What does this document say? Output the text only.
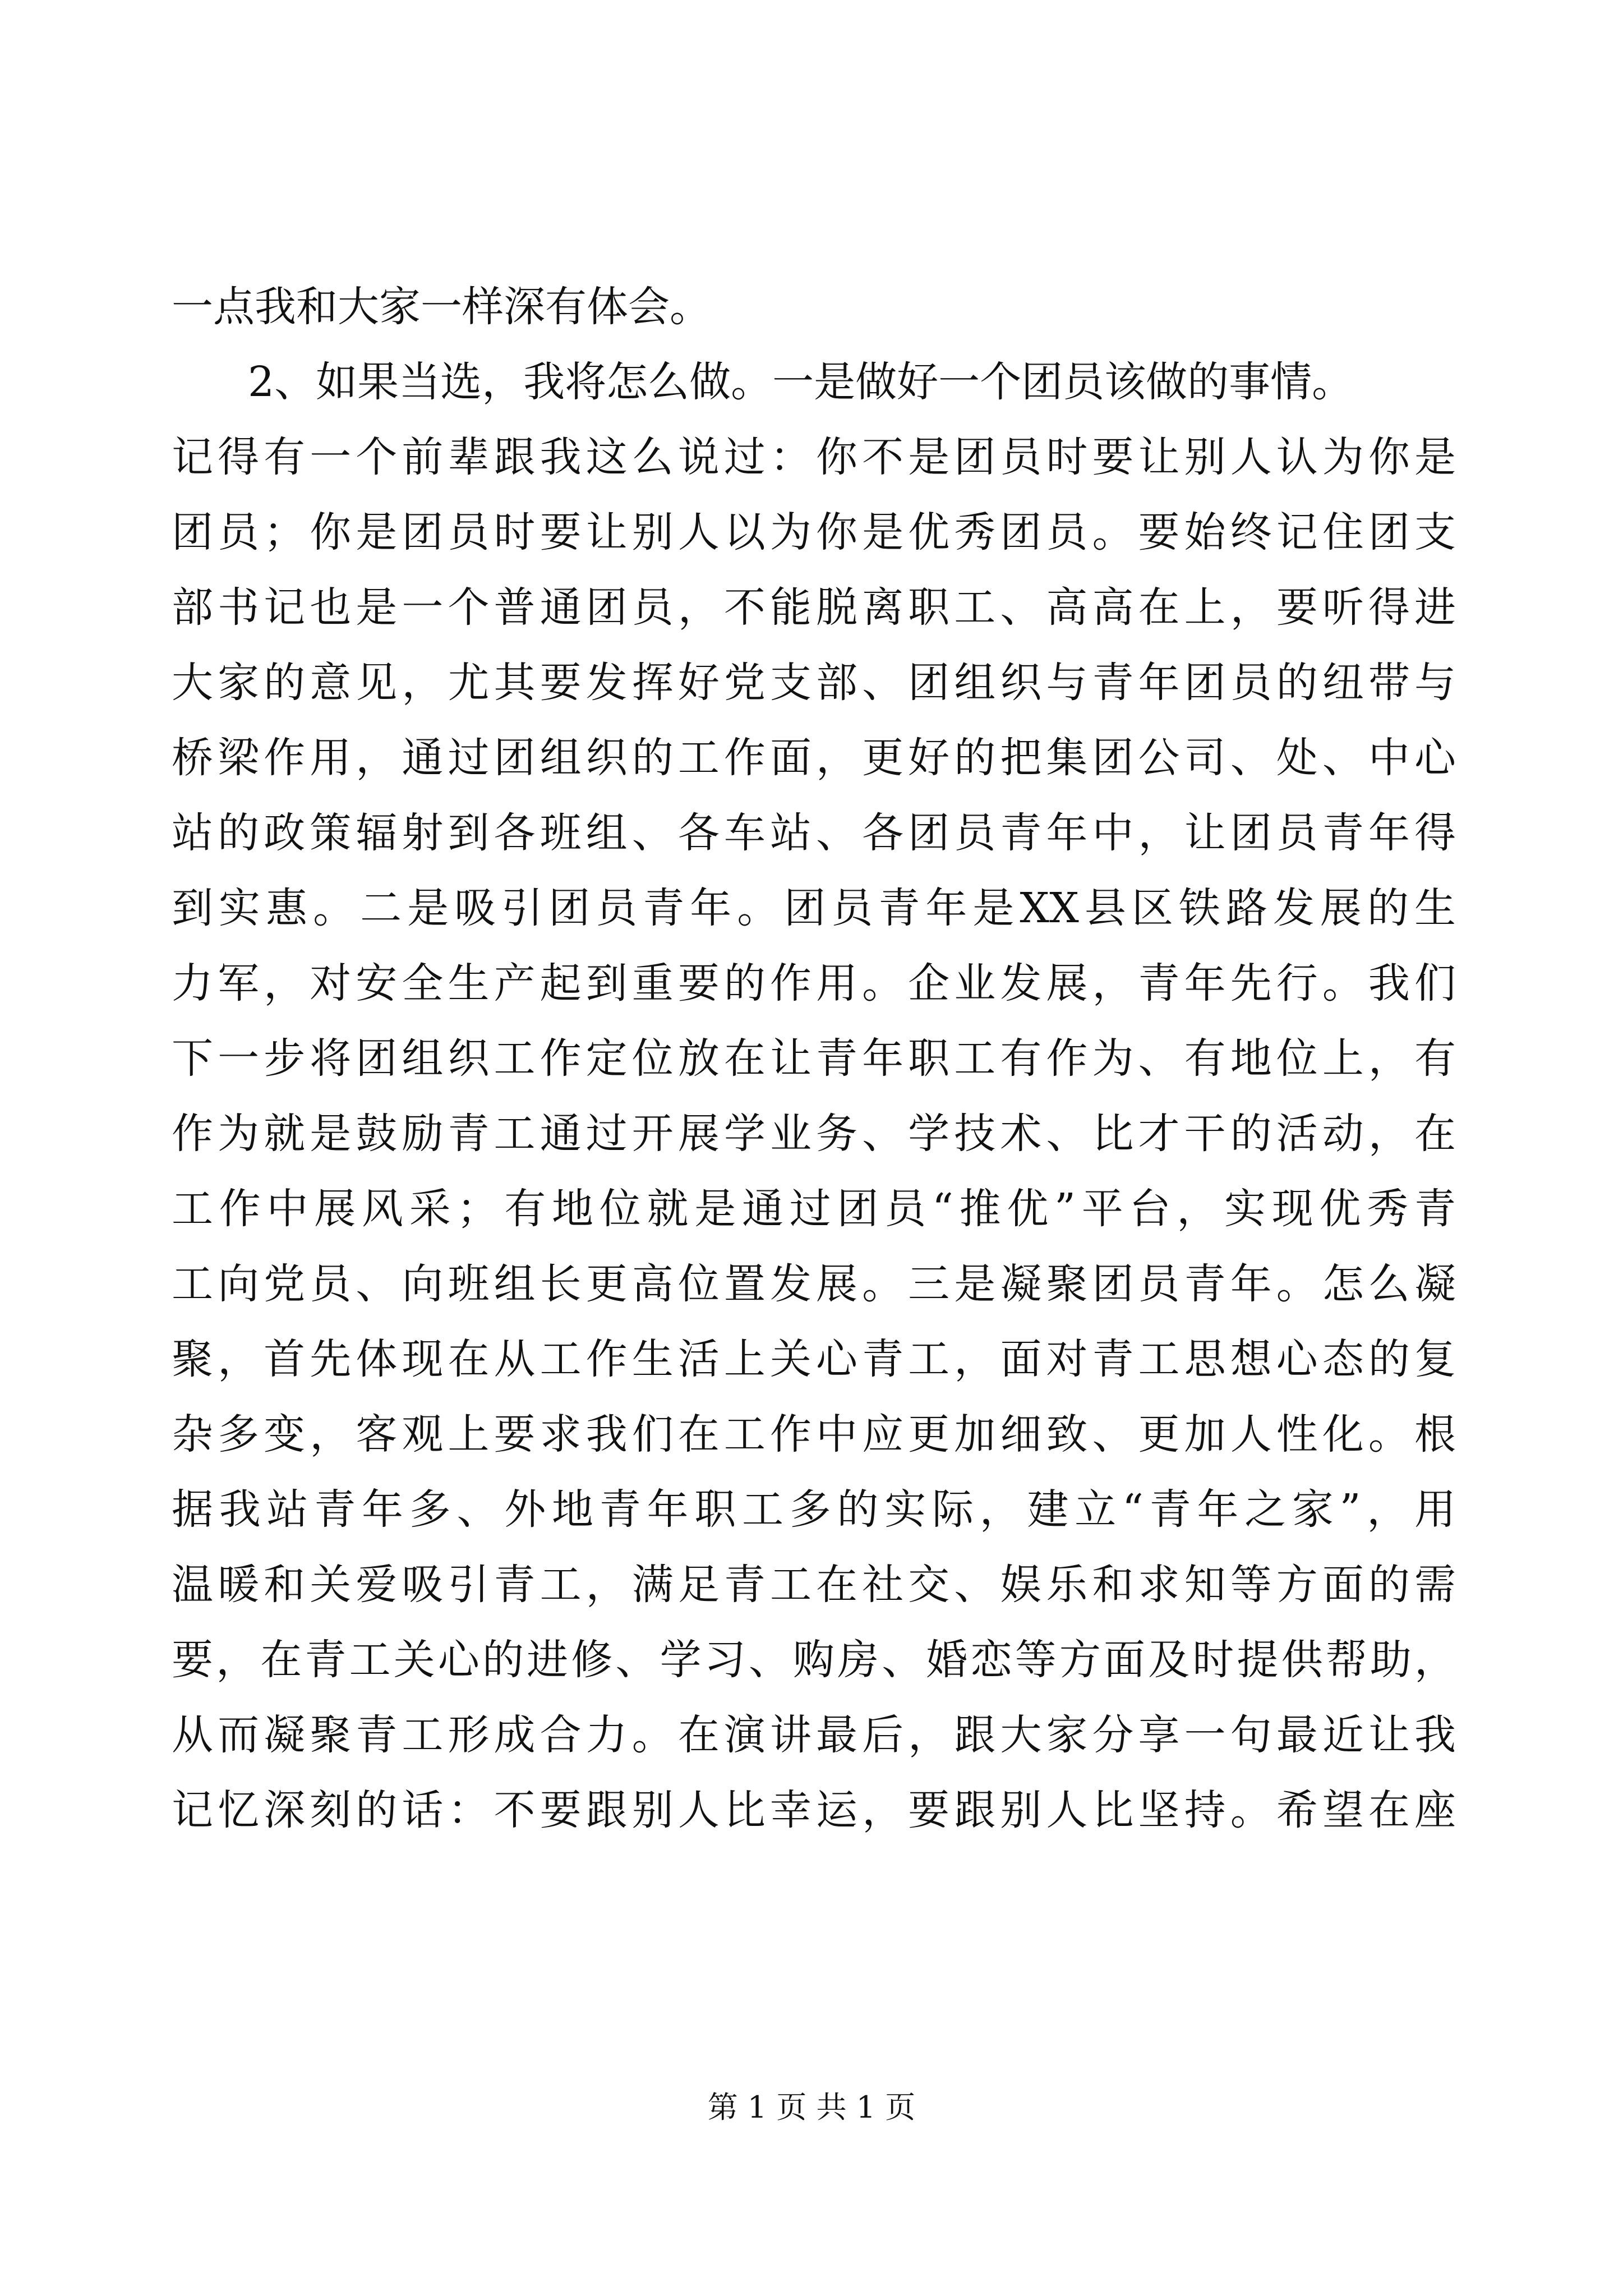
一点我和大家一样深有体会。
2、如果当选，我将怎么做。一是做好一个团员该做的事情。
记得有一个前辈跟我这么说过：你不是团员时要让别人认为你是
团员；你是团员时要让别人以为你是优秀团员。要始终记住团支
部书记也是一个普通团员，不能脱离职工、高高在上，要听得进
大家的意见，尤其要发挥好党支部、团组织与青年团员的纽带与
桥梁作用，通过团组织的工作面，更好的把集团公司、处、中心
站的政策辐射到各班组、各车站、各团员青年中，让团员青年得
到实惠。二是吸引团员青年。团员青年是XX县区铁路发展的生
力军，对安全生产起到重要的作用。企业发展，青年先行。我们
下一步将团组织工作定位放在让青年职工有作为、有地位上，有
作为就是鼓励青工通过开展学业务、学技术、比才干的活动，在
工作中展风采；有地位就是通过团员“推优”平台，实现优秀青
工向党员、向班组长更高位置发展。三是凝聚团员青年。怎么凝
聚，首先体现在从工作生活上关心青工，面对青工思想心态的复
杂多变，客观上要求我们在工作中应更加细致、更加人性化。根
据我站青年多、外地青年职工多的实际，建立“青年之家”，用
温暖和关爱吸引青工，满足青工在社交、娱乐和求知等方面的需
要，在青工关心的进修、学习、购房、婚恋等方面及时提供帮助，
从而凝聚青工形成合力。在演讲最后，跟大家分享一句最近让我
记忆深刻的话：不要跟别人比幸运，要跟别人比坚持。希望在座
第 1 页 共 1 页
